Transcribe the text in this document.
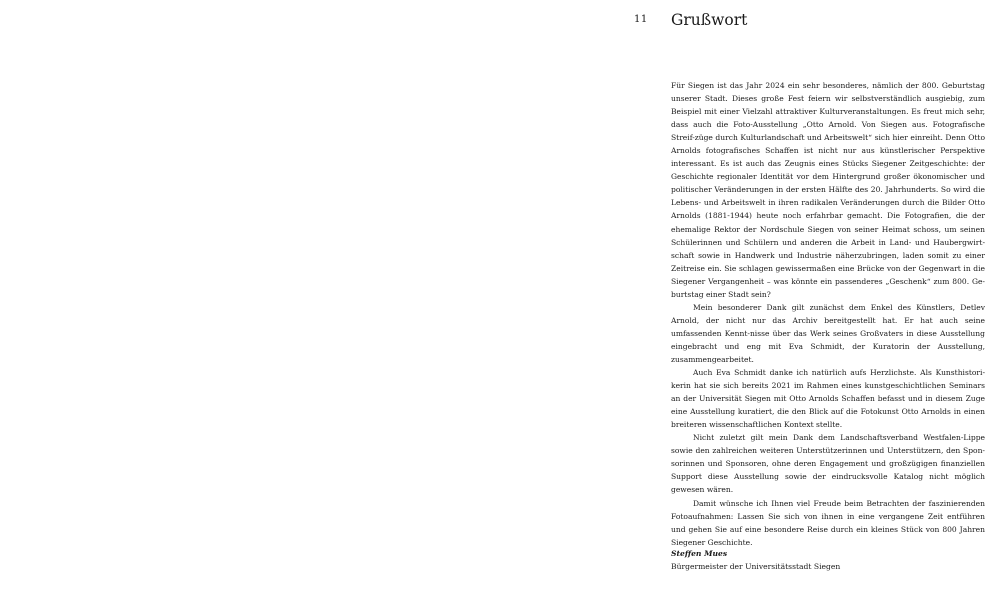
11 Grußwort

Für Siegen ist das Jahr 2024 ein sehr besonderes, nämlich der 800. Geburtstag unserer Stadt. Dieses große Fest feiern wir selbstverständlich ausgiebig, zum Beispiel mit einer Vielzahl attraktiver Kulturveranstaltungen. Es freut mich sehr, dass auch die Foto-Ausstellung „Otto Arnold. Von Siegen aus. Fotografische Streif-züge durch Kulturlandschaft und Arbeitswelt“ sich hier einreiht. Denn Otto Arnolds fotografisches Schaffen ist nicht nur aus künstlerischer Perspektive interessant. Es ist auch das Zeugnis eines Stücks Siegener Zeitgeschichte: der Geschichte regionaler Identität vor dem Hintergrund großer ökonomischer und politischer Veränderungen in der ersten Hälfte des 20. Jahrhunderts. So wird die Lebens- und Arbeitswelt in ihren radikalen Veränderungen durch die Bilder Otto Arnolds (1881-1944) heute noch erfahrbar gemacht. Die Fotografien, die der ehemalige Rektor der Nordschule Siegen von seiner Heimat schoss, um seinen Schülerinnen und Schülern und anderen die Arbeit in Land- und Haubergwirt-schaft sowie in Handwerk und Industrie näherzubringen, laden somit zu einer Zeitreise ein. Sie schlagen gewissermaßen eine Brücke von der Gegenwart in die Siegener Vergangenheit – was könnte ein passenderes „Geschenk“ zum 800. Ge-burtstag einer Stadt sein?

Mein besonderer Dank gilt zunächst dem Enkel des Künstlers, Detlev Arnold, der nicht nur das Archiv bereitgestellt hat. Er hat auch seine umfassenden Kennt-nisse über das Werk seines Großvaters in diese Ausstellung eingebracht und eng mit Eva Schmidt, der Kuratorin der Ausstellung, zusammengearbeitet.

Auch Eva Schmidt danke ich natürlich aufs Herzlichste. Als Kunsthistori-kerin hat sie sich bereits 2021 im Rahmen eines kunstgeschichtlichen Seminars an der Universität Siegen mit Otto Arnolds Schaffen befasst und in diesem Zuge eine Ausstellung kuratiert, die den Blick auf die Fotokunst Otto Arnolds in einen breiteren wissenschaftlichen Kontext stellte.

Nicht zuletzt gilt mein Dank dem Landschaftsverband Westfalen-Lippe sowie den zahlreichen weiteren Unterstützerinnen und Unterstützern, den Spon-sorinnen und Sponsoren, ohne deren Engagement und großzügigen finanziellen Support diese Ausstellung sowie der eindrucksvolle Katalog nicht möglich gewesen wären.

Damit wünsche ich Ihnen viel Freude beim Betrachten der faszinierenden Fotoaufnahmen: Lassen Sie sich von ihnen in eine vergangene Zeit entführen und gehen Sie auf eine besondere Reise durch ein kleines Stück von 800 Jahren Siegener Geschichte.

Steffen Mues
Bürgermeister der Universitätsstadt Siegen
